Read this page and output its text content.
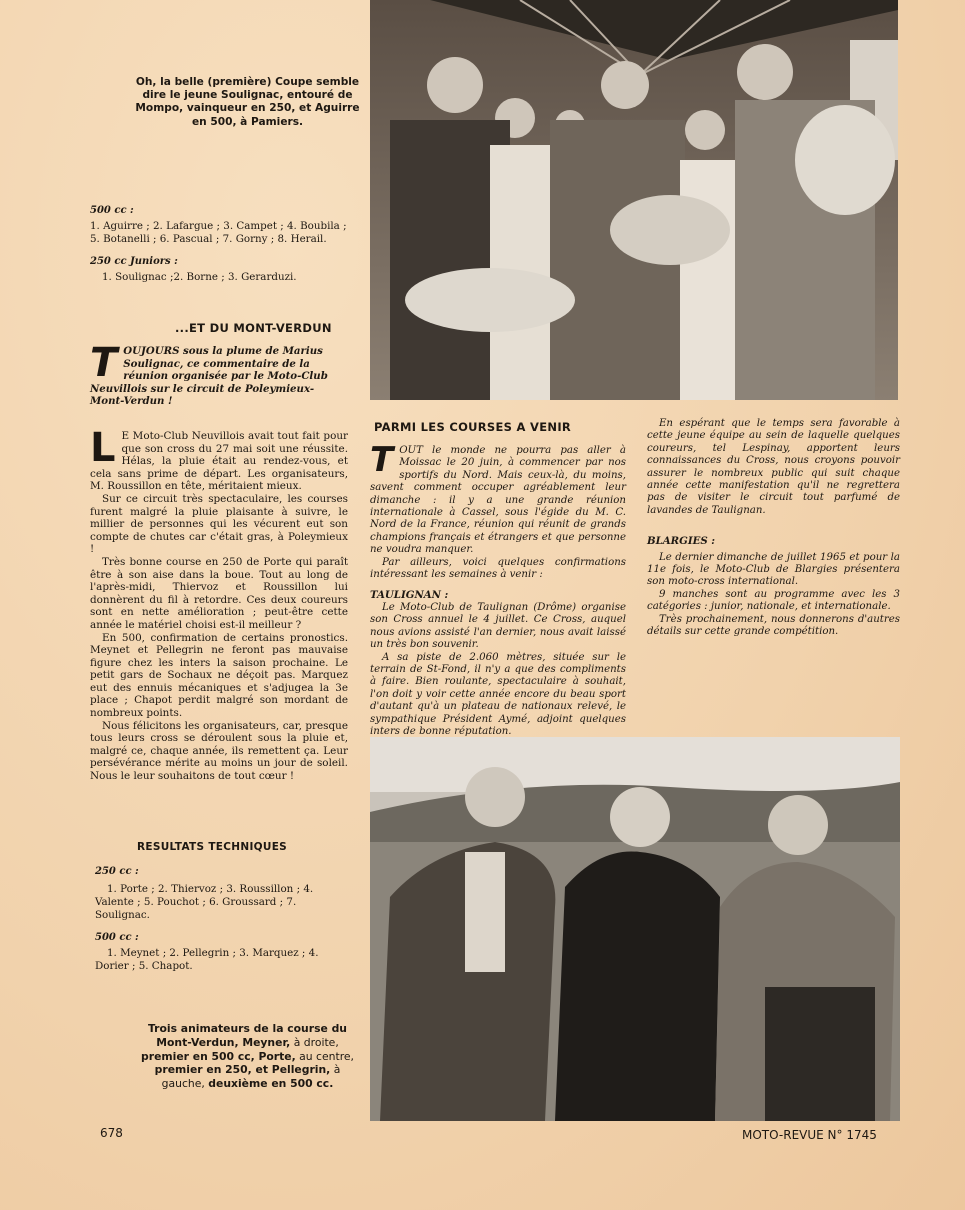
Oh, la belle (première) Coupe semble dire le jeune Soulignac, entouré de Mompo, vainqueur en 250, et Aguirre en 500, à Pamiers.
500 cc :
1. Aguirre ; 2. Lafargue ; 3. Campet ; 4. Boubila ; 5. Botanelli ; 6. Pascual ; 7. Gorny ; 8. Herail.
250 cc Juniors :
1. Soulignac ;2. Borne ; 3. Gerarduzi.
...ET DU MONT-VERDUN
T OUJOURS sous la plume de Marius Soulignac, ce commentaire de la réunion organisée par le Moto-Club Neuvillois sur le circuit de Poleymieux-Mont-Verdun !

L E Moto-Club Neuvillois avait tout fait pour que son cross du 27 mai soit une réussite. Hélas, la pluie était au rendez-vous, et cela sans prime de départ. Les organisateurs, M. Roussillon en tête, méritaient mieux.

Sur ce circuit très spectaculaire, les courses furent malgré la pluie plaisante à suivre, le millier de personnes qui les vécurent eut son compte de chutes car c'était gras, à Poleymieux !

Très bonne course en 250 de Porte qui paraît être à son aise dans la boue. Tout au long de l'après-midi, Thiervoz et Roussillon lui donnèrent du fil à retordre. Ces deux coureurs sont en nette amélioration ; peut-être cette année le matériel choisi est-il meilleur ?

En 500, confirmation de certains pronostics. Meynet et Pellegrin ne feront pas mauvaise figure chez les inters la saison prochaine. Le petit gars de Sochaux ne déçoit pas. Marquez eut des ennuis mécaniques et s'adjugea la 3e place ; Chapot perdit malgré son mordant de nombreux points.

Nous félicitons les organisateurs, car, presque tous leurs cross se déroulent sous la pluie et, malgré ce, chaque année, ils remettent ça. Leur persévérance mérite au moins un jour de soleil. Nous le leur souhaitons de tout cœur !

RESULTATS TECHNIQUES
250 cc :
1. Porte ; 2. Thiervoz ; 3. Roussillon ; 4. Valente ; 5. Pouchot ; 6. Groussard ; 7. Soulignac.
500 cc :
1. Meynet ; 2. Pellegrin ; 3. Marquez ; 4. Dorier ; 5. Chapot.
Trois animateurs de la course du Mont-Verdun, Meyner, à droite, premier en 500 cc, Porte, au centre, premier en 250, et Pellegrin, à gauche, deuxième en 500 cc.
PARMI LES COURSES A VENIR

TOUT le monde ne pourra pas aller à Moissac le 20 juin, à commencer par nos sportifs du Nord. Mais ceux-là, du moins, savent comment occuper agréablement leur dimanche : il y a une grande réunion internationale à Cassel, sous l'égide du M. C. Nord de la France, réunion qui réunit de grands champions français et étrangers et que personne ne voudra manquer.

Par ailleurs, voici quelques confirmations intéressant les semaines à venir :

TAULIGNAN :

Le Moto-Club de Taulignan (Drôme) organise son Cross annuel le 4 juillet. Ce Cross, auquel nous avions assisté l'an dernier, nous avait laissé un très bon souvenir.

A sa piste de 2.060 mètres, située sur le terrain de St-Fond, il n'y a que des compliments à faire. Bien roulante, spectaculaire à souhait, l'on doit y voir cette année encore du beau sport d'autant qu'à un plateau de nationaux relevé, le sympathique Président Aymé, adjoint quelques inters de bonne réputation.

En espérant que le temps sera favorable à cette jeune équipe au sein de laquelle quelques coureurs, tel Lespinay, apportent leurs connaissances du Cross, nous croyons pouvoir assurer le nombreux public qui suit chaque année cette manifestation qu'il ne regrettera pas de visiter le circuit tout parfumé de lavandes de Taulignan.

BLARGIES :

Le dernier dimanche de juillet 1965 et pour la 11e fois, le Moto-Club de Blargies présentera son moto-cross international.

9 manches sont au programme avec les 3 catégories : junior, nationale, et internationale.

Très prochainement, nous donnerons d'autres détails sur cette grande compétition.

678	MOTO-REVUE N° 1745
